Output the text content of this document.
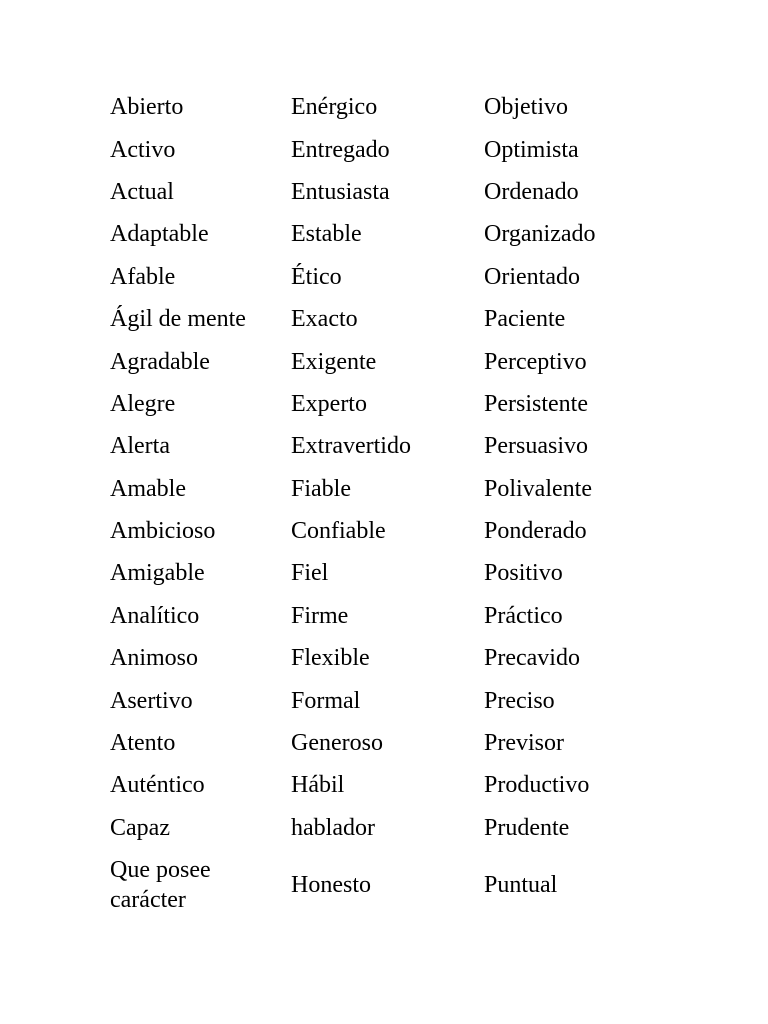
Abierto	Enérgico	Objetivo
Activo	Entregado	Optimista
Actual	Entusiasta	Ordenado
Adaptable	Estable	Organizado
Afable	Ético	Orientado
Ágil de mente	Exacto	Paciente
Agradable	Exigente	Perceptivo
Alegre	Experto	Persistente
Alerta	Extravertido	Persuasivo
Amable	Fiable	Polivalente
Ambicioso	Confiable	Ponderado
Amigable	Fiel	Positivo
Analítico	Firme	Práctico
Animoso	Flexible	Precavido
Asertivo	Formal	Preciso
Atento	Generoso	Previsor
Auténtico	Hábil	Productivo
Capaz	hablador	Prudente
Que posee carácter	Honesto	Puntual
